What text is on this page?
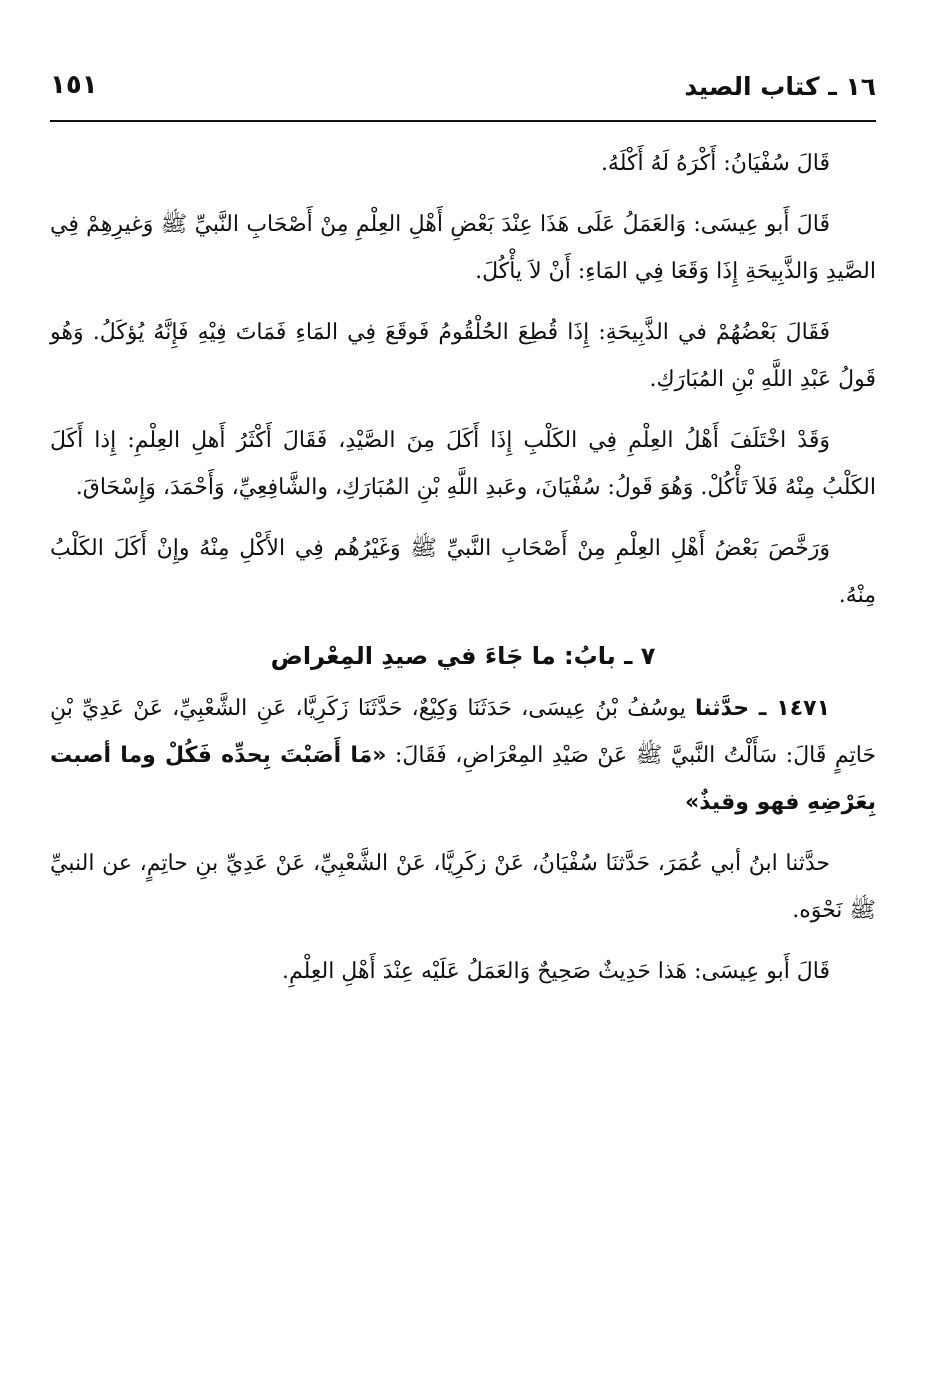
١٦ ـ كتاب الصيد
١٥١

قَالَ سُفْيَانُ: أَكْرَهُ لَهُ أَكْلَهُ.

قَالَ أَبو عِيسَى: وَالعَمَلُ عَلَى هَذَا عِنْدَ بَعْضِ أَهْلِ العِلْمِ مِنْ أَصْحَابِ النَّبيِّ ﷺ وَغيرِهِمْ فِي الصَّيدِ وَالذَّبِيحَةِ إِذَا وَقَعَا فِي المَاءِ: أَنْ لاَ يأْكُلَ.

فَقَالَ بَعْضُهُمْ في الذَّبِيحَةِ: إِذَا قُطِعَ الحُلْقُومُ فَوقَعَ فِي المَاءِ فَمَاتَ فِيْهِ فَإِنَّهُ يُؤكَلُ. وَهُو قَولُ عَبْدِ اللَّهِ بْنِ المُبَارَكِ.

وَقَدْ اخْتَلَفَ أَهْلُ العِلْمِ فِي الكَلْبِ إِذَا أَكَلَ مِنَ الصَّيْدِ، فَقَالَ أَكْثَرُ أَهلِ العِلْمِ: إِذا أَكَلَ الكَلْبُ مِنْهُ فَلاَ تَأْكُلْ. وَهُوَ قَولُ: سُفْيَانَ، وعَبدِ اللَّهِ بْنِ المُبَارَكِ، والشَّافِعِيِّ، وَأَحْمَدَ، وَإِسْحَاقَ.

وَرَخَّصَ بَعْضُ أَهْلِ العِلْمِ مِنْ أَصْحَابِ النَّبيِّ ﷺ وَغَيْرُهُم فِي الأَكْلِ مِنْهُ وإِنْ أَكَلَ الكَلْبُ مِنْهُ.

٧ ـ بابُ: ما جَاءَ في صيدِ المِعْراض

١٤٧١ ـ حدَّثنا يوسُفُ بْنُ عِيسَى، حَدَثَنَا وَكِيْعٌ، حَدَّثَنَا زَكَرِيَّا، عَنِ الشَّعْبِيِّ، عَنْ عَدِيِّ بْنِ حَاتِمٍ قَالَ: سَأَلْتُ النَّبيَّ ﷺ عَنْ صَيْدِ المِعْرَاضِ، فَقَالَ: «مَا أَصَبْتَ بِحدِّه فَكُلْ وما أصبت بِعَرْضِهِ فهو وقيذٌ»

حدَّثنا ابنُ أبي عُمَرَ، حَدَّثنَا سُفْيَانُ، عَنْ زكَرِيَّا، عَنْ الشَّعْبِيِّ، عَنْ عَدِيِّ بنِ حاتِمٍ، عن النبيِّ ﷺ نَحْوَه.

قَالَ أَبو عِيسَى: هَذا حَدِيثٌ صَحِيحٌ وَالعَمَلُ عَلَيْه عِنْدَ أَهْلِ العِلْمِ.
